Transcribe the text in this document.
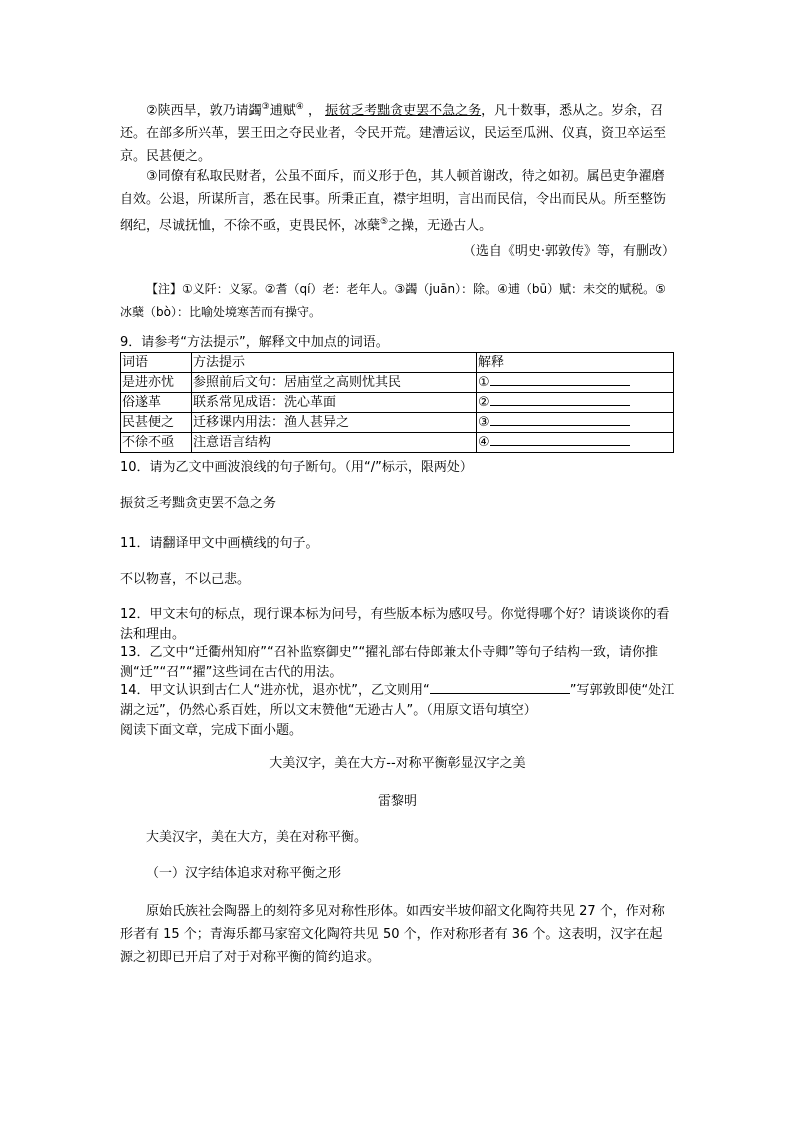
②陕西旱，敦乃请蠲③逋赋④ ， 振贫乏考黜贪吏罢不急之务，凡十数事，悉从之。岁余，召还。在部多所兴革，罢王田之夺民业者，令民开荒。建漕运议，民运至瓜洲、仪真，资卫卒运至京。民甚便之。

③同僚有私取民财者，公虽不面斥，而义形于色，其人顿首谢改，待之如初。属邑吏争濯磨自效。公退，所谋所言，悉在民事。所秉正直，襟宇坦明，言出而民信，令出而民从。所至整饬纲纪，尽诚抚恤，不徐不亟，吏畏民怀，冰蘖⑤之操，无逊古人。

（选自《明史·郭敦传》等，有删改）

【注】①义阡：义冢。②耆（qí）老：老年人。③蠲（juān）：除。④逋（bū）赋：未交的赋税。⑤冰蘖（bò）：比喻处境寒苦而有操守。

9．请参考“方法提示”，解释文中加点的词语。

词语	方法提示	解释
是进亦忧	参照前后文句：居庙堂之高则忧其民	①
俗遂革	联系常见成语：洗心革面	②
民甚便之	迁移课内用法：渔人甚异之	③
不徐不亟	注意语言结构	④

10．请为乙文中画波浪线的句子断句。（用“/”标示，限两处）

振贫乏考黜贪吏罢不急之务

11．请翻译甲文中画横线的句子。

不以物喜，不以己悲。

12．甲文末句的标点，现行课本标为问号，有些版本标为感叹号。你觉得哪个好？请谈谈你的看法和理由。

13．乙文中“迁衢州知府”“召补监察御史”“擢礼部右侍郎兼太仆寺卿”等句子结构一致，请你推测“迁”“召”“擢”这些词在古代的用法。

14．甲文认识到古仁人“进亦忧，退亦忧”，乙文则用“	”写郭敦即使“处江湖之远”，仍然心系百姓，所以文末赞他“无逊古人”。（用原文语句填空）

阅读下面文章，完成下面小题。

大美汉字，美在大方--对称平衡彰显汉字之美

雷黎明

大美汉字，美在大方，美在对称平衡。

（一）汉字结体追求对称平衡之形

原始氏族社会陶器上的刻符多见对称性形体。如西安半坡仰韶文化陶符共见 27 个，作对称形者有 15 个；青海乐都马家窑文化陶符共见 50 个，作对称形者有 36 个。这表明，汉字在起源之初即已开启了对于对称平衡的简约追求。
